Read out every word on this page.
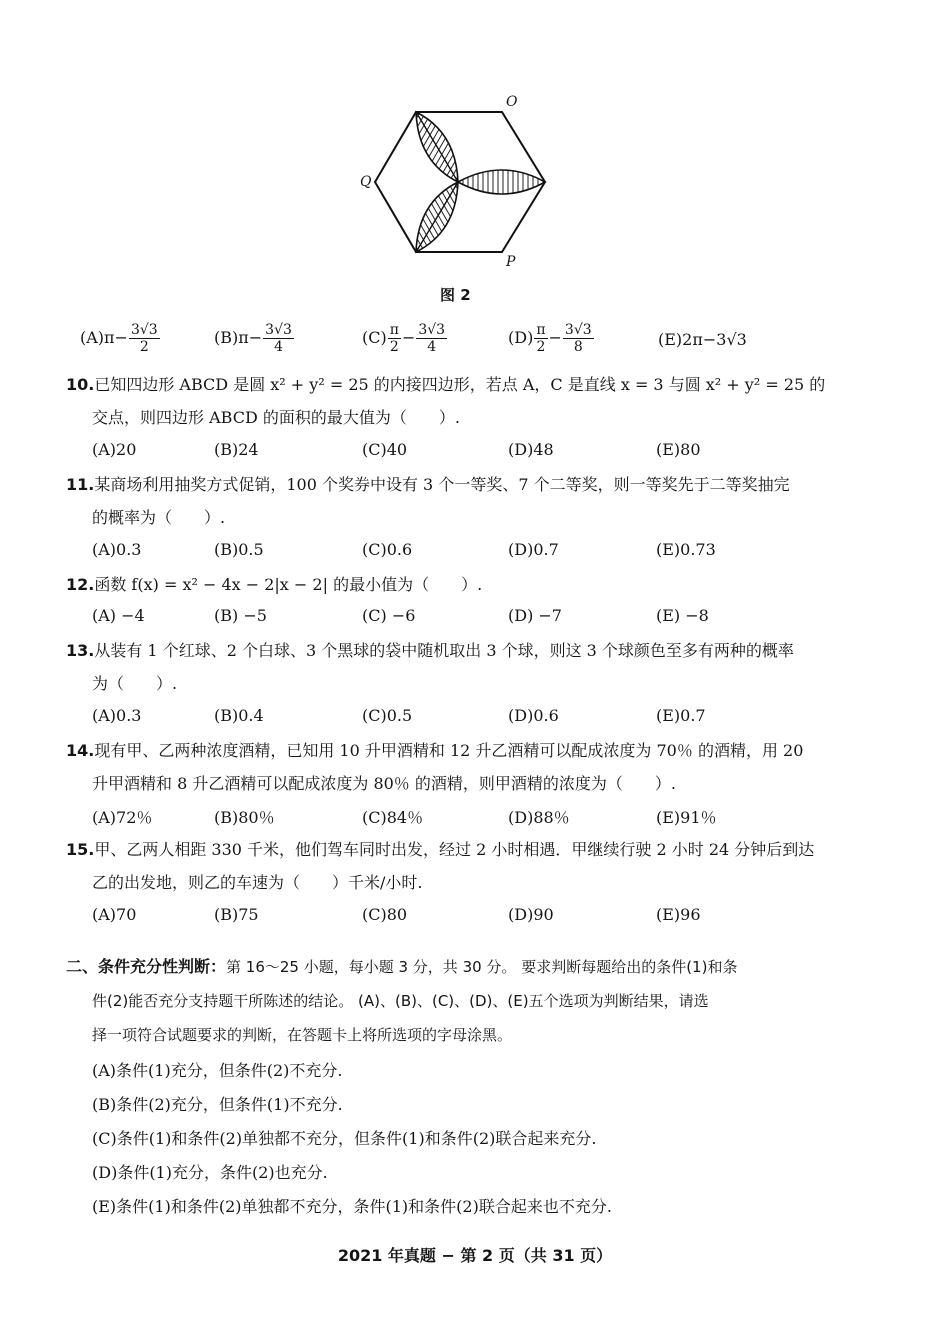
O
Q
P
图 2
$(A)\pi- \frac{3√3}{2}$	$(B)\pi- \frac{3√3}{4}$	$(C) \frac{\pi}{2} - \frac{3√3}{4}$	$(D) \frac{\pi}{2} - \frac{3√3}{8}$	(E)2π−3√3
10.已知四边形 ABCD 是圆 x² + y² = 25 的内接四边形，若点 A，C 是直线 x = 3 与圆 x² + y² = 25 的
交点，则四边形 ABCD 的面积的最大值为（　　）.
(A)20	(B)24	(C)40	(D)48	(E)80
11.某商场利用抽奖方式促销，100 个奖券中设有 3 个一等奖、7 个二等奖，则一等奖先于二等奖抽完
的概率为（　　）.
(A)0.3	(B)0.5	(C)0.6	(D)0.7	(E)0.73
12.函数 f(x) = x² − 4x − 2|x − 2| 的最小值为（　　）.
(A) −4	(B) −5	(C) −6	(D) −7	(E) −8
13.从装有 1 个红球、2 个白球、3 个黑球的袋中随机取出 3 个球，则这 3 个球颜色至多有两种的概率
为（　　）.
(A)0.3	(B)0.4	(C)0.5	(D)0.6	(E)0.7
14.现有甲、乙两种浓度酒精，已知用 10 升甲酒精和 12 升乙酒精可以配成浓度为 70％ 的酒精，用 20
升甲酒精和 8 升乙酒精可以配成浓度为 80％ 的酒精，则甲酒精的浓度为（　　）.
(A)72％	(B)80％	(C)84％	(D)88％	(E)91％
15.甲、乙两人相距 330 千米，他们驾车同时出发，经过 2 小时相遇．甲继续行驶 2 小时 24 分钟后到达
乙的出发地，则乙的车速为（　　）千米/小时.
(A)70	(B)75	(C)80	(D)90	(E)96
二、条件充分性判断：第 16～25 小题，每小题 3 分，共 30 分。 要求判断每题给出的条件(1)和条
件(2)能否充分支持题干所陈述的结论。 (A)、(B)、(C)、(D)、(E)五个选项为判断结果，请选
择一项符合试题要求的判断，在答题卡上将所选项的字母涂黑。
(A)条件(1)充分，但条件(2)不充分.
(B)条件(2)充分，但条件(1)不充分.
(C)条件(1)和条件(2)单独都不充分，但条件(1)和条件(2)联合起来充分.
(D)条件(1)充分，条件(2)也充分.
(E)条件(1)和条件(2)单独都不充分，条件(1)和条件(2)联合起来也不充分.
2021 年真题 − 第 2 页（共 31 页）
